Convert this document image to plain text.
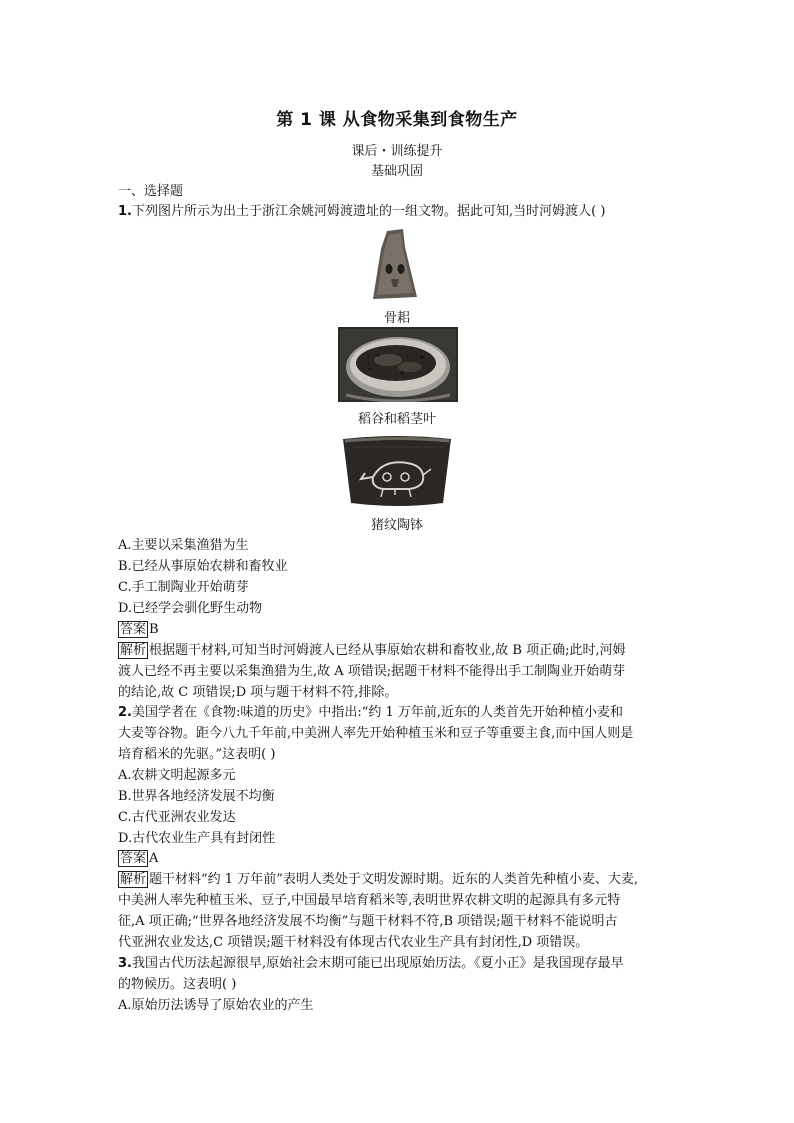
第 1 课 从食物采集到食物生产
课后・训练提升
基础巩固
一、选择题
1.下列图片所示为出土于浙江余姚河姆渡遗址的一组文物。据此可知,当时河姆渡人( )
骨耜
稻谷和稻茎叶
猪纹陶钵
A.主要以采集渔猎为生
B.已经从事原始农耕和畜牧业
C.手工制陶业开始萌芽
D.已经学会驯化野生动物
答案 B
解析 根据题干材料,可知当时河姆渡人已经从事原始农耕和畜牧业,故 B 项正确;此时,河姆
渡人已经不再主要以采集渔猎为生,故 A 项错误;据题干材料不能得出手工制陶业开始萌芽
的结论,故 C 项错误;D 项与题干材料不符,排除。
2.美国学者在《食物:味道的历史》中指出:“约 1 万年前,近东的人类首先开始种植小麦和
大麦等谷物。距今八九千年前,中美洲人率先开始种植玉米和豆子等重要主食,而中国人则是
培育稻米的先驱。”这表明( )
A.农耕文明起源多元
B.世界各地经济发展不均衡
C.古代亚洲农业发达
D.古代农业生产具有封闭性
答案 A
解析 题干材料“约 1 万年前”表明人类处于文明发源时期。近东的人类首先种植小麦、大麦,
中美洲人率先种植玉米、豆子,中国最早培育稻米等,表明世界农耕文明的起源具有多元特
征,A 项正确;“世界各地经济发展不均衡”与题干材料不符,B 项错误;题干材料不能说明古
代亚洲农业发达,C 项错误;题干材料没有体现古代农业生产具有封闭性,D 项错误。
3.我国古代历法起源很早,原始社会末期可能已出现原始历法。《夏小正》是我国现存最早
的物候历。这表明( )
A.原始历法诱导了原始农业的产生
